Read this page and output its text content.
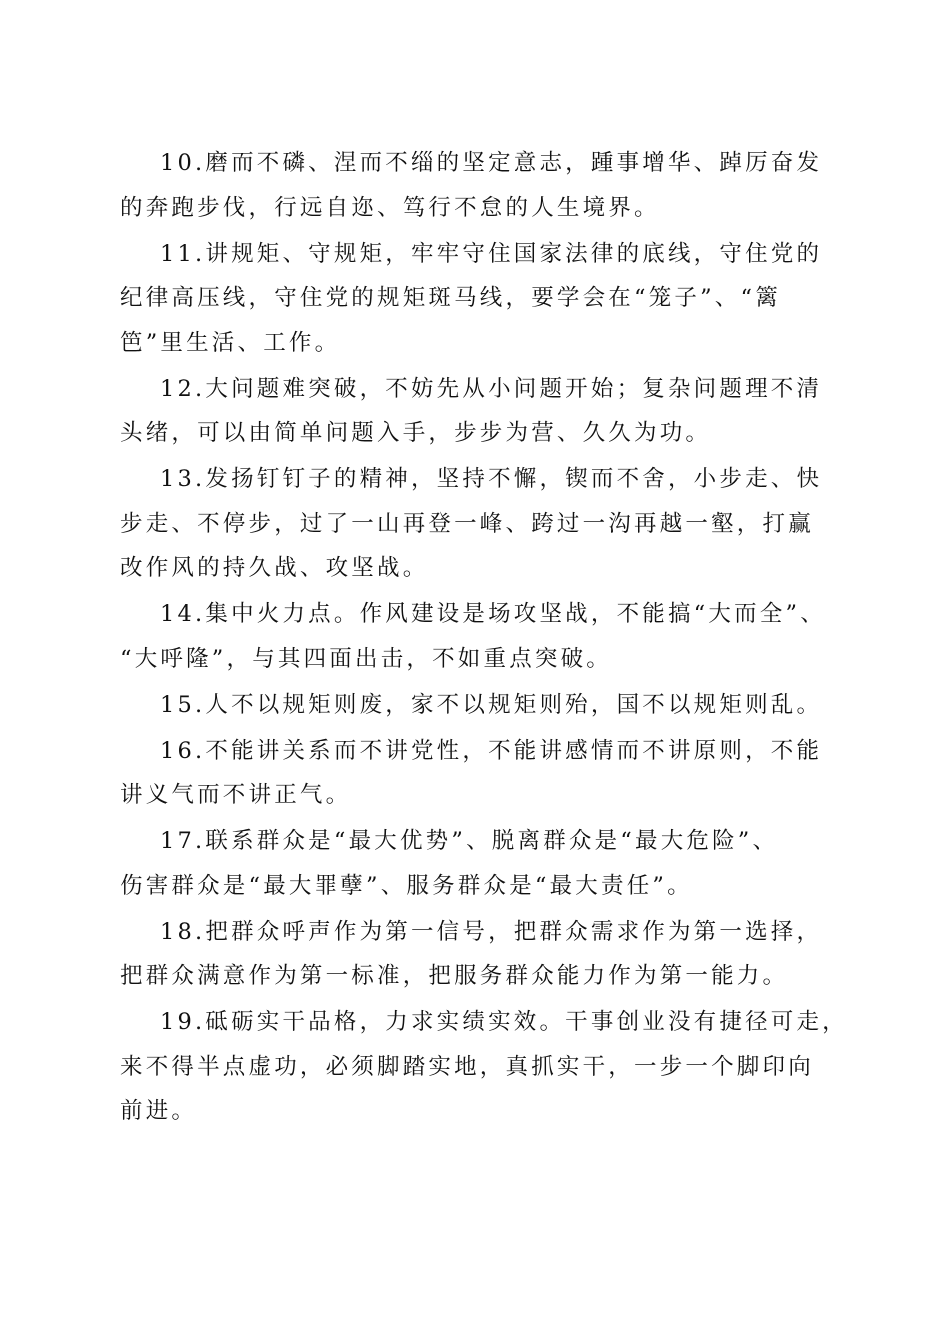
10.磨而不磷、涅而不缁的坚定意志，踵事增华、踔厉奋发
的奔跑步伐，行远自迩、笃行不怠的人生境界。

11.讲规矩、守规矩，牢牢守住国家法律的底线，守住党的
纪律高压线，守住党的规矩斑马线，要学会在“笼子”、“篱
笆”里生活、工作。

12.大问题难突破，不妨先从小问题开始；复杂问题理不清
头绪，可以由简单问题入手，步步为营、久久为功。

13.发扬钉钉子的精神，坚持不懈，锲而不舍，小步走、快
步走、不停步，过了一山再登一峰、跨过一沟再越一壑，打赢
改作风的持久战、攻坚战。

14.集中火力点。作风建设是场攻坚战，不能搞“大而全”、
“大呼隆”，与其四面出击，不如重点突破。

15.人不以规矩则废，家不以规矩则殆，国不以规矩则乱。

16.不能讲关系而不讲党性，不能讲感情而不讲原则，不能
讲义气而不讲正气。

17.联系群众是“最大优势”、脱离群众是“最大危险”、
伤害群众是“最大罪孽”、服务群众是“最大责任”。

18.把群众呼声作为第一信号，把群众需求作为第一选择，
把群众满意作为第一标准，把服务群众能力作为第一能力。

19.砥砺实干品格，力求实绩实效。干事创业没有捷径可走，
来不得半点虚功，必须脚踏实地，真抓实干，一步一个脚印向
前进。
